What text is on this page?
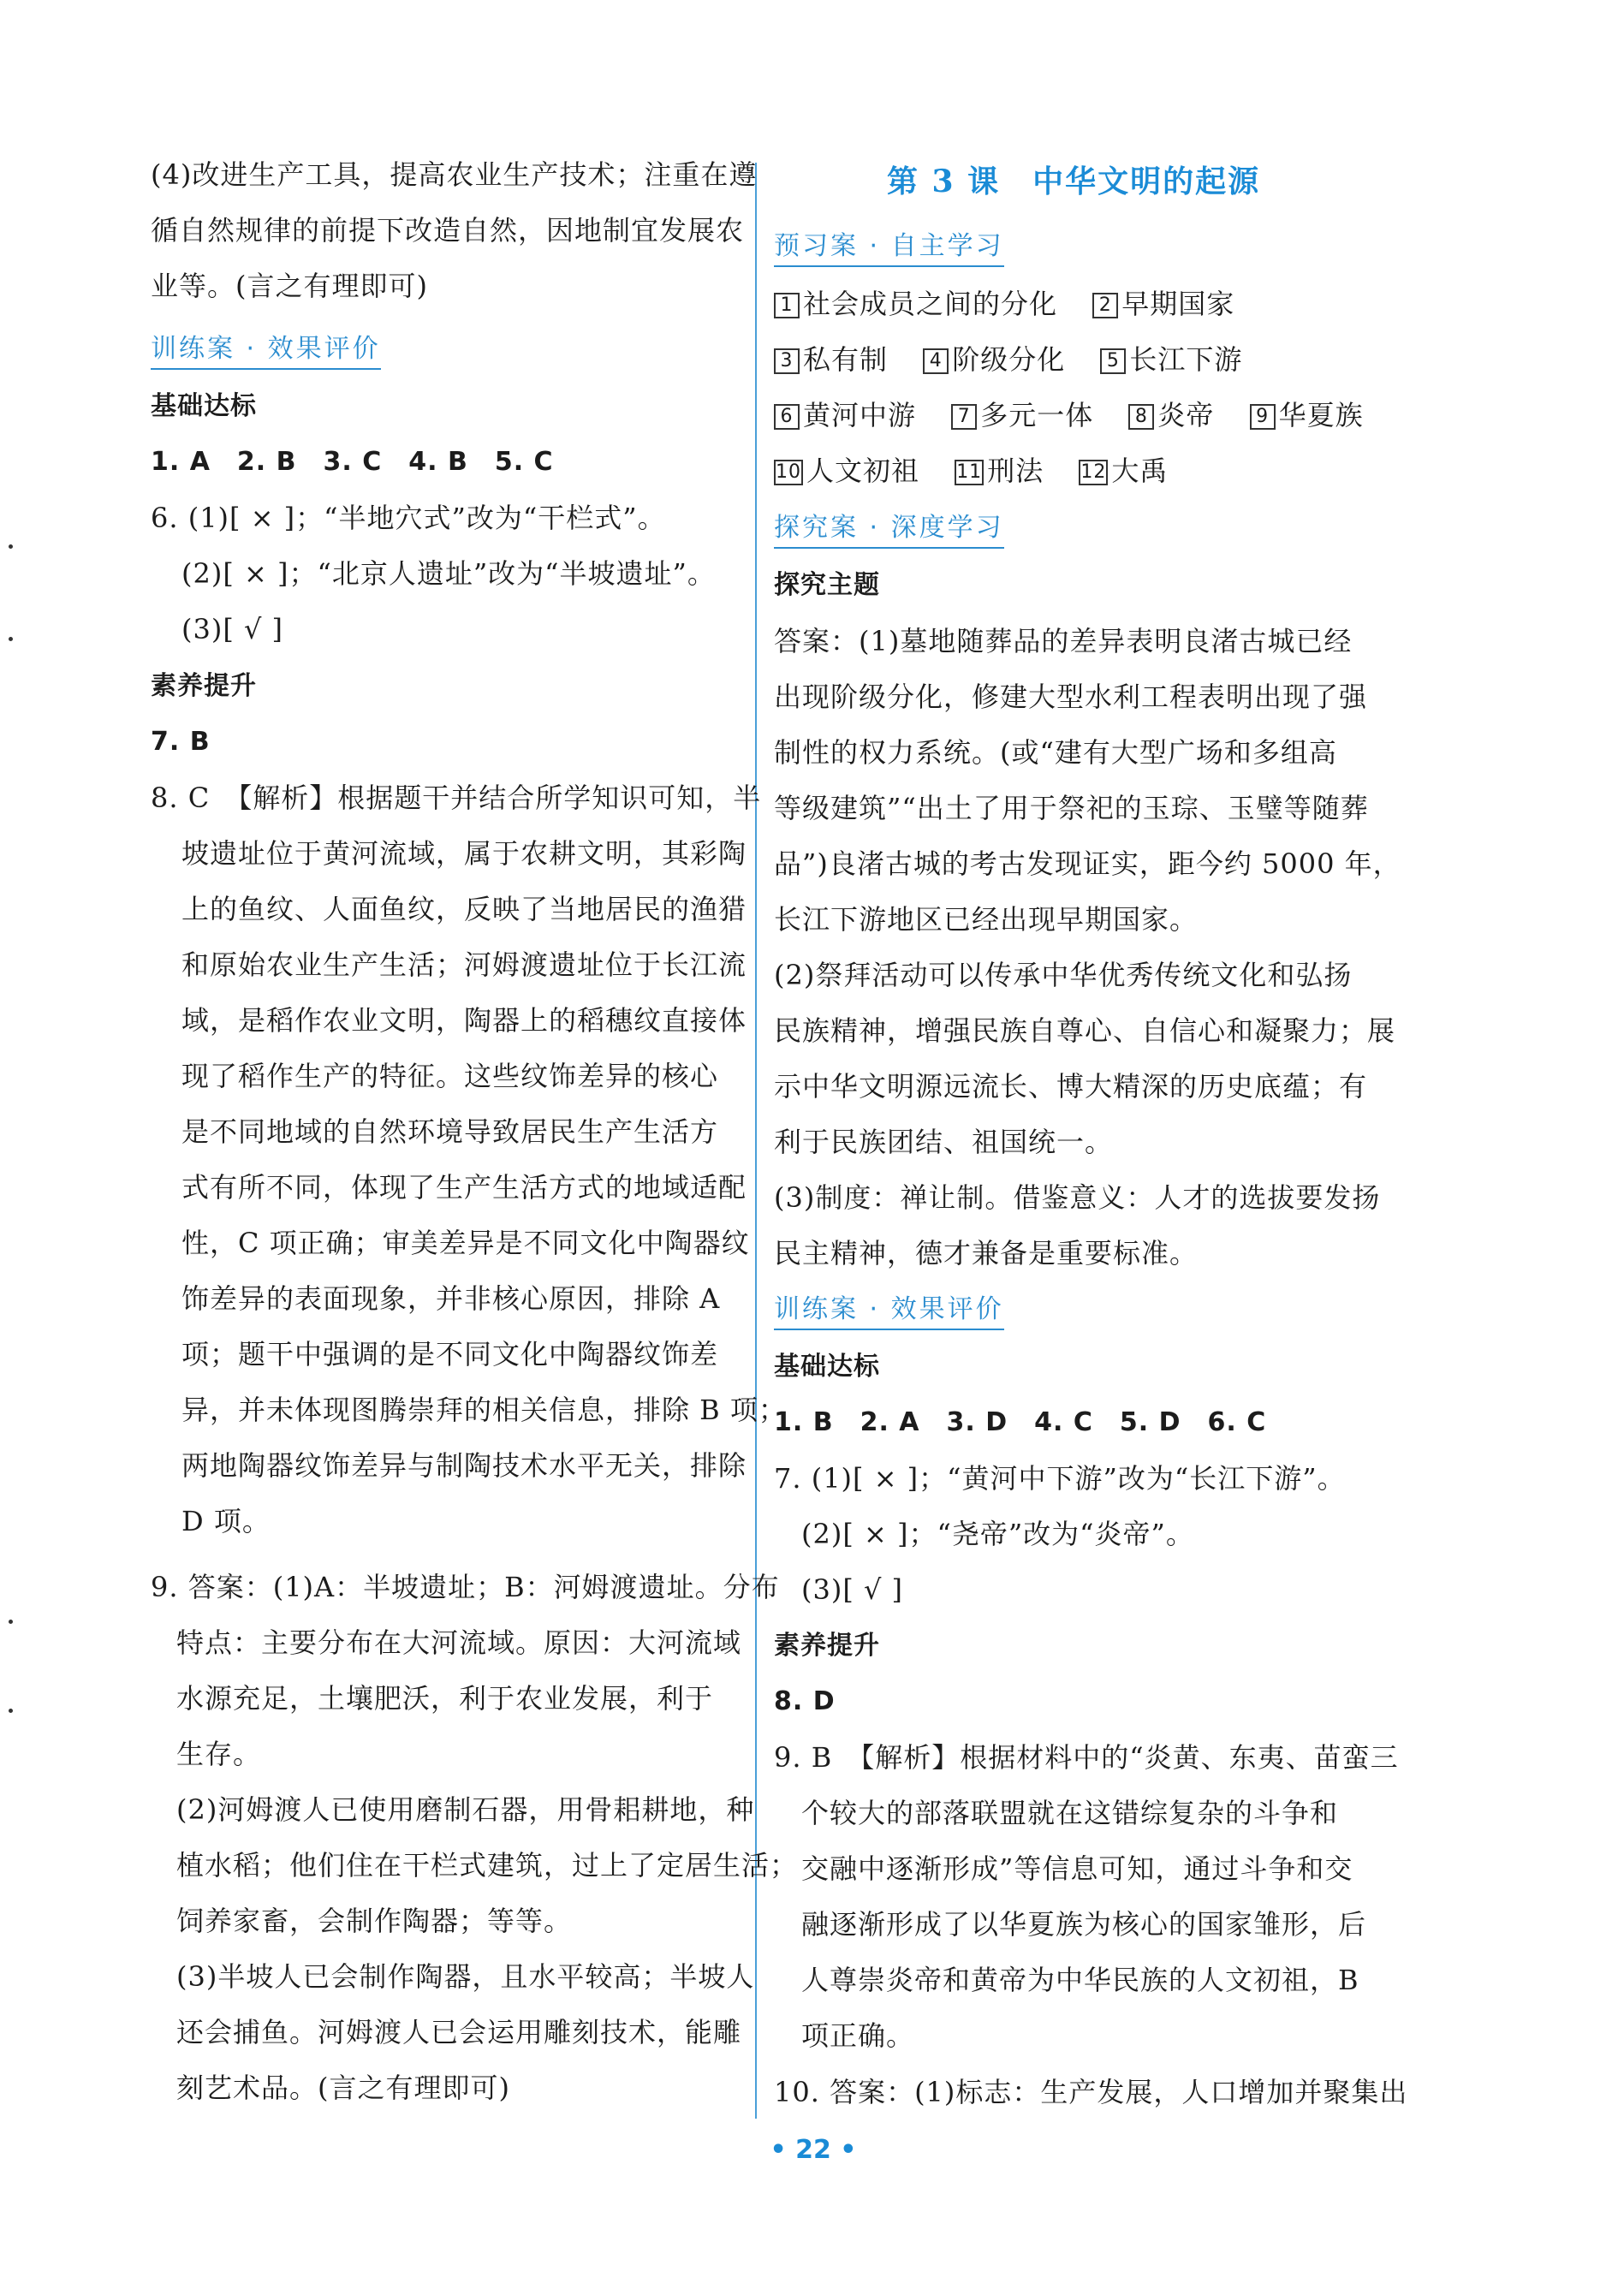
(4)改进生产工具，提高农业生产技术；注重在遵
循自然规律的前提下改造自然，因地制宜发展农
业等。(言之有理即可)
训练案 · 效果评价
基础达标
1. A　2. B　3. C　4. B　5. C
6. (1)[ × ]；“半地穴式”改为“干栏式”。
(2)[ × ]；“北京人遗址”改为“半坡遗址”。
(3)[ √ ]
素养提升
7. B
8. C　【解析】根据题干并结合所学知识可知，半
坡遗址位于黄河流域，属于农耕文明，其彩陶
上的鱼纹、人面鱼纹，反映了当地居民的渔猎
和原始农业生产生活；河姆渡遗址位于长江流
域，是稻作农业文明，陶器上的稻穗纹直接体
现了稻作生产的特征。这些纹饰差异的核心
是不同地域的自然环境导致居民生产生活方
式有所不同，体现了生产生活方式的地域适配
性，C 项正确；审美差异是不同文化中陶器纹
饰差异的表面现象，并非核心原因，排除 A
项；题干中强调的是不同文化中陶器纹饰差
异，并未体现图腾崇拜的相关信息，排除 B 项；
两地陶器纹饰差异与制陶技术水平无关，排除
D 项。
9. 答案：(1)A：半坡遗址；B：河姆渡遗址。分布
特点：主要分布在大河流域。原因：大河流域
水源充足，土壤肥沃，利于农业发展，利于
生存。
(2)河姆渡人已使用磨制石器，用骨耜耕地，种
植水稻；他们住在干栏式建筑，过上了定居生活；
饲养家畜，会制作陶器；等等。
(3)半坡人已会制作陶器，且水平较高；半坡人
还会捕鱼。河姆渡人已会运用雕刻技术，能雕
刻艺术品。(言之有理即可)
第 3 课　中华文明的起源
预习案 · 自主学习
1 社会成员之间的分化 2 早期国家
3 私有制 4 阶级分化 5 长江下游
6 黄河中游 7 多元一体 8 炎帝 9 华夏族
10 人文初祖 11 刑法 12 大禹
探究案 · 深度学习
探究主题
答案：(1)墓地随葬品的差异表明良渚古城已经
出现阶级分化，修建大型水利工程表明出现了强
制性的权力系统。(或“建有大型广场和多组高
等级建筑”“出土了用于祭祀的玉琮、玉璧等随葬
品”)良渚古城的考古发现证实，距今约 5000 年，
长江下游地区已经出现早期国家。
(2)祭拜活动可以传承中华优秀传统文化和弘扬
民族精神，增强民族自尊心、自信心和凝聚力；展
示中华文明源远流长、博大精深的历史底蕴；有
利于民族团结、祖国统一。
(3)制度：禅让制。借鉴意义：人才的选拔要发扬
民主精神，德才兼备是重要标准。
训练案 · 效果评价
基础达标
1. B　2. A　3. D　4. C　5. D　6. C
7. (1)[ × ]；“黄河中下游”改为“长江下游”。
(2)[ × ]；“尧帝”改为“炎帝”。
(3)[ √ ]
素养提升
8. D
9. B　【解析】根据材料中的“炎黄、东夷、苗蛮三
个较大的部落联盟就在这错综复杂的斗争和
交融中逐渐形成”等信息可知，通过斗争和交
融逐渐形成了以华夏族为核心的国家雏形，后
人尊崇炎帝和黄帝为中华民族的人文初祖，B
项正确。
10. 答案：(1)标志：生产发展，人口增加并聚集出
• 22 •
